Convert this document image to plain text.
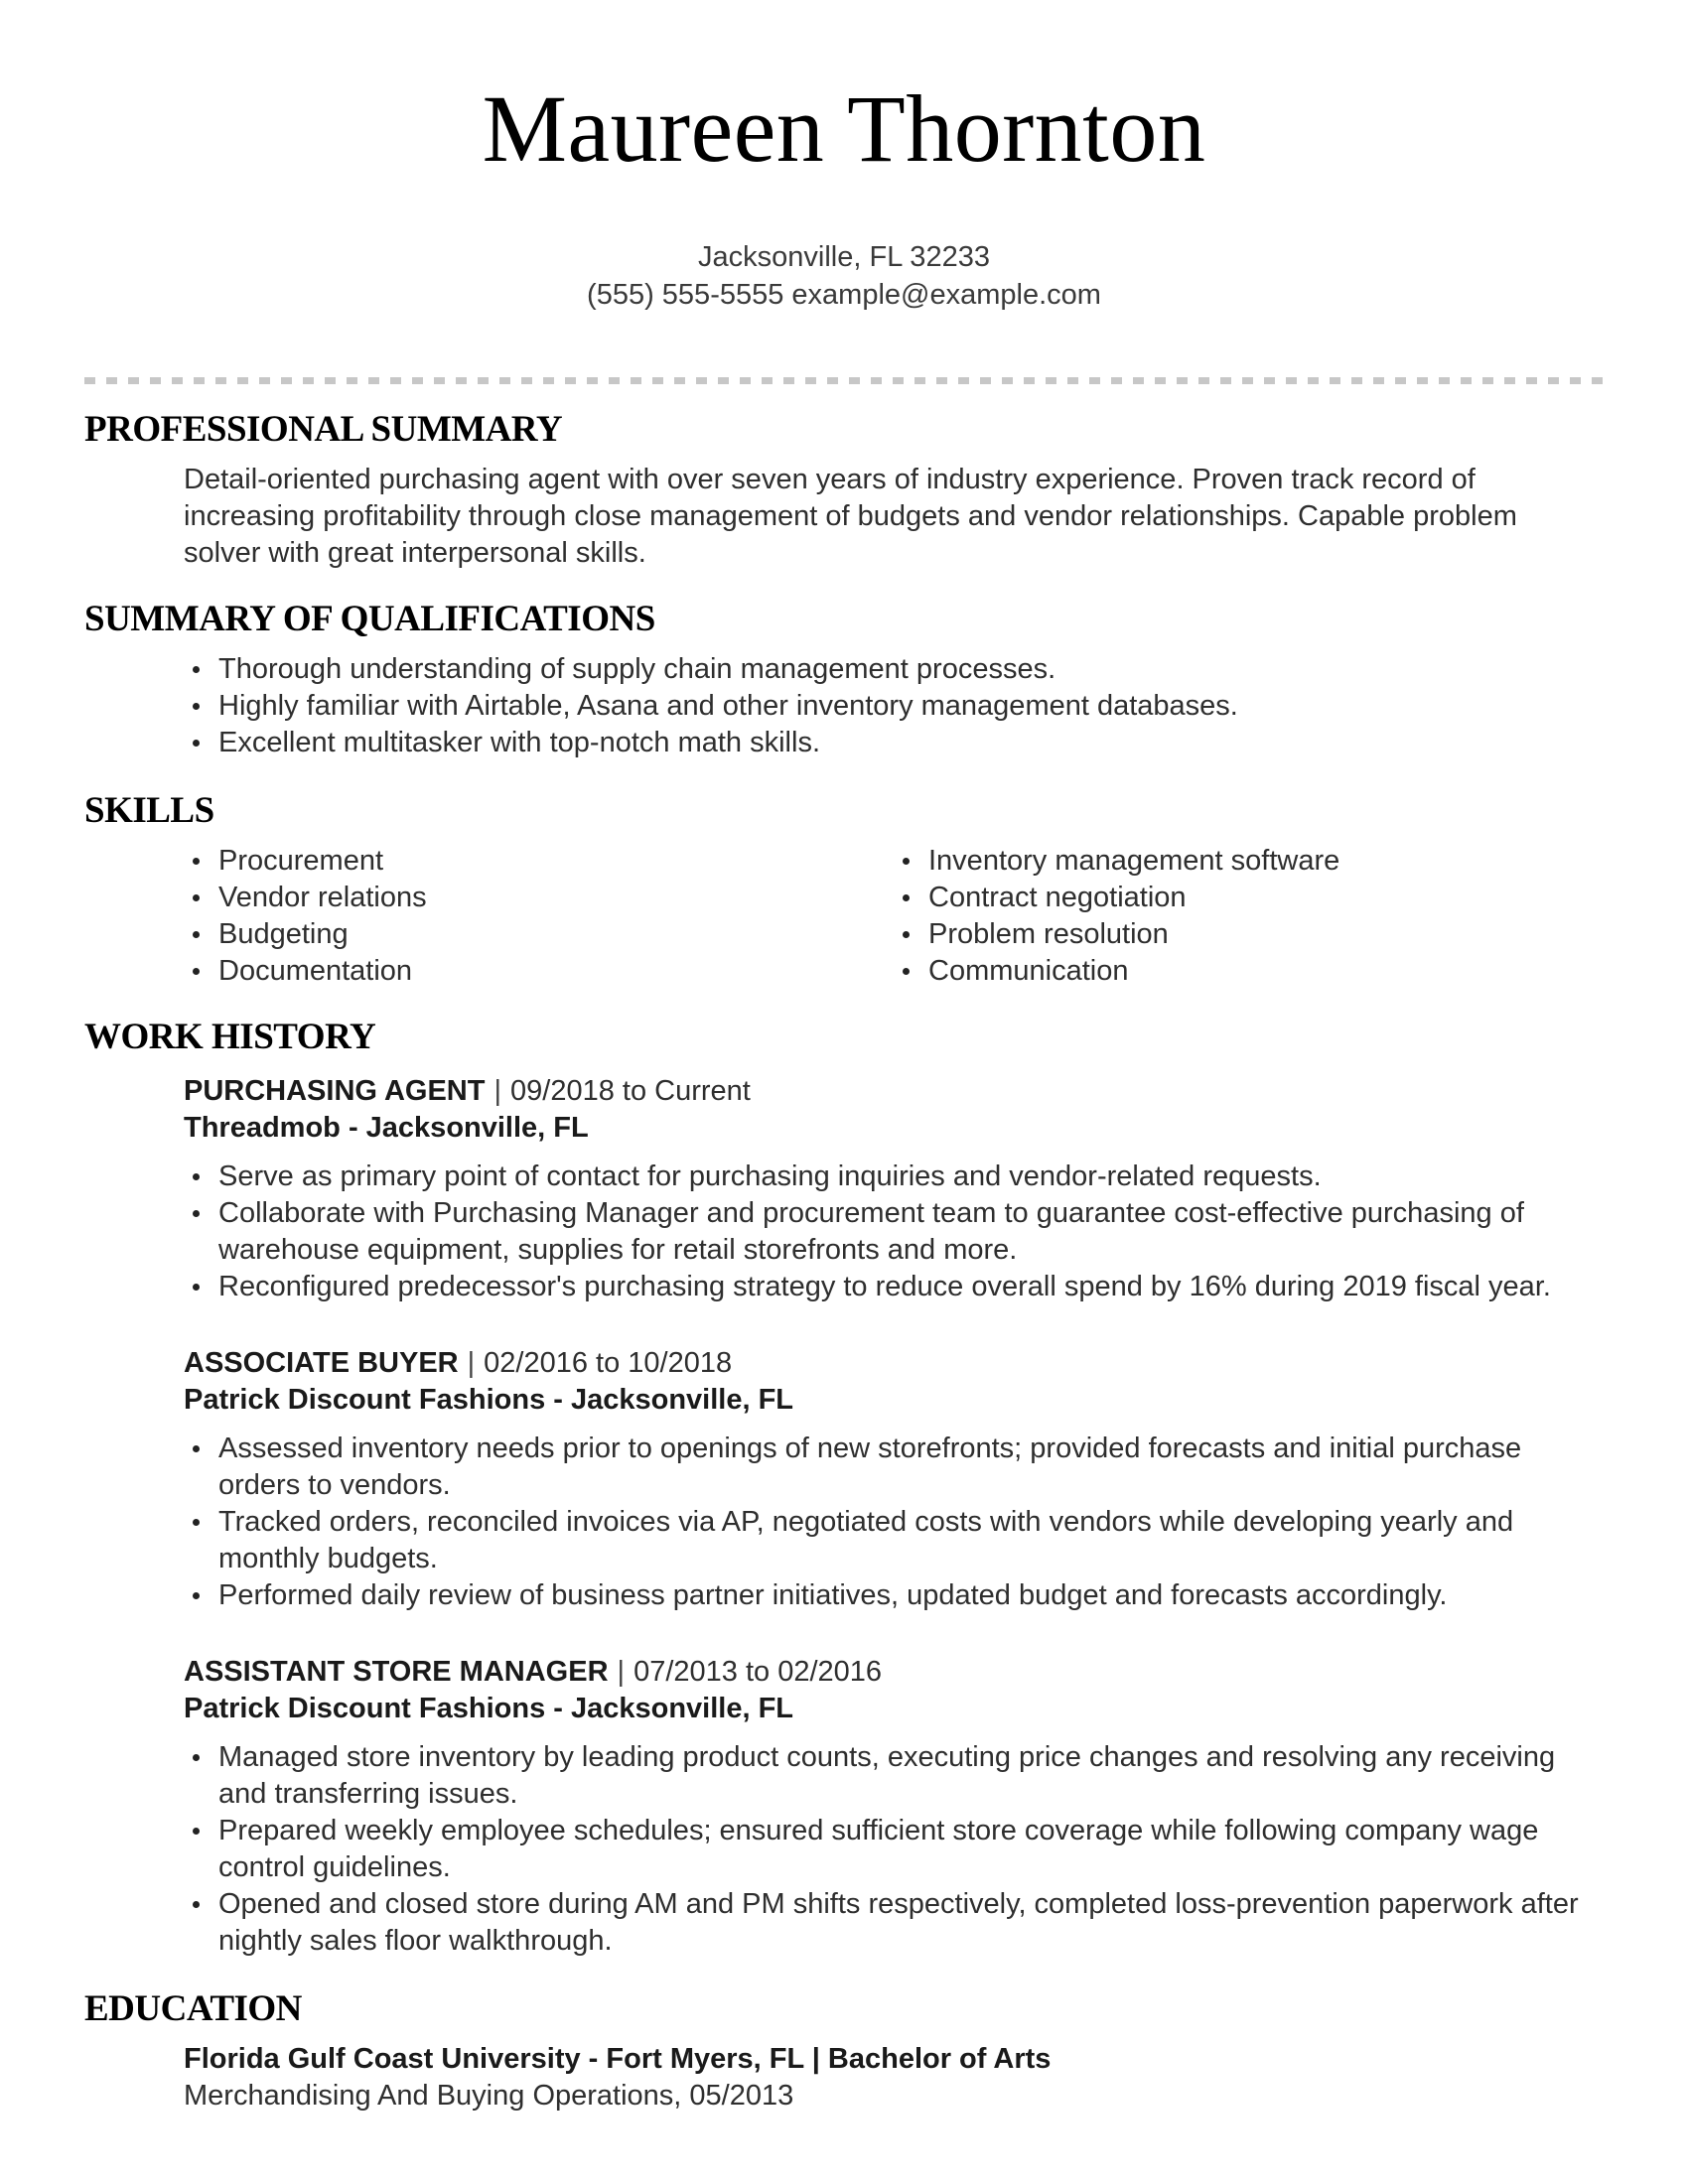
Maureen Thornton
Jacksonville, FL 32233
(555) 555-5555 example@example.com
PROFESSIONAL SUMMARY

Detail-oriented purchasing agent with over seven years of industry experience. Proven track record of increasing profitability through close management of budgets and vendor relationships. Capable problem solver with great interpersonal skills.

SUMMARY OF QUALIFICATIONS
Thorough understanding of supply chain management processes.
Highly familiar with Airtable, Asana and other inventory management databases.
Excellent multitasker with top-notch math skills.
SKILLS
Procurement
Vendor relations
Budgeting
Documentation
Inventory management software
Contract negotiation
Problem resolution
Communication
WORK HISTORY
PURCHASING AGENT | 09/2018 to Current
Threadmob - Jacksonville, FL
Serve as primary point of contact for purchasing inquiries and vendor-related requests.
Collaborate with Purchasing Manager and procurement team to guarantee cost-effective purchasing of warehouse equipment, supplies for retail storefronts and more.
Reconfigured predecessor's purchasing strategy to reduce overall spend by 16% during 2019 fiscal year.
ASSOCIATE BUYER | 02/2016 to 10/2018
Patrick Discount Fashions - Jacksonville, FL
Assessed inventory needs prior to openings of new storefronts; provided forecasts and initial purchase orders to vendors.
Tracked orders, reconciled invoices via AP, negotiated costs with vendors while developing yearly and monthly budgets.
Performed daily review of business partner initiatives, updated budget and forecasts accordingly.
ASSISTANT STORE MANAGER | 07/2013 to 02/2016
Patrick Discount Fashions - Jacksonville, FL
Managed store inventory by leading product counts, executing price changes and resolving any receiving and transferring issues.
Prepared weekly employee schedules; ensured sufficient store coverage while following company wage control guidelines.
Opened and closed store during AM and PM shifts respectively, completed loss-prevention paperwork after nightly sales floor walkthrough.
EDUCATION
Florida Gulf Coast University - Fort Myers, FL | Bachelor of Arts
Merchandising And Buying Operations, 05/2013
